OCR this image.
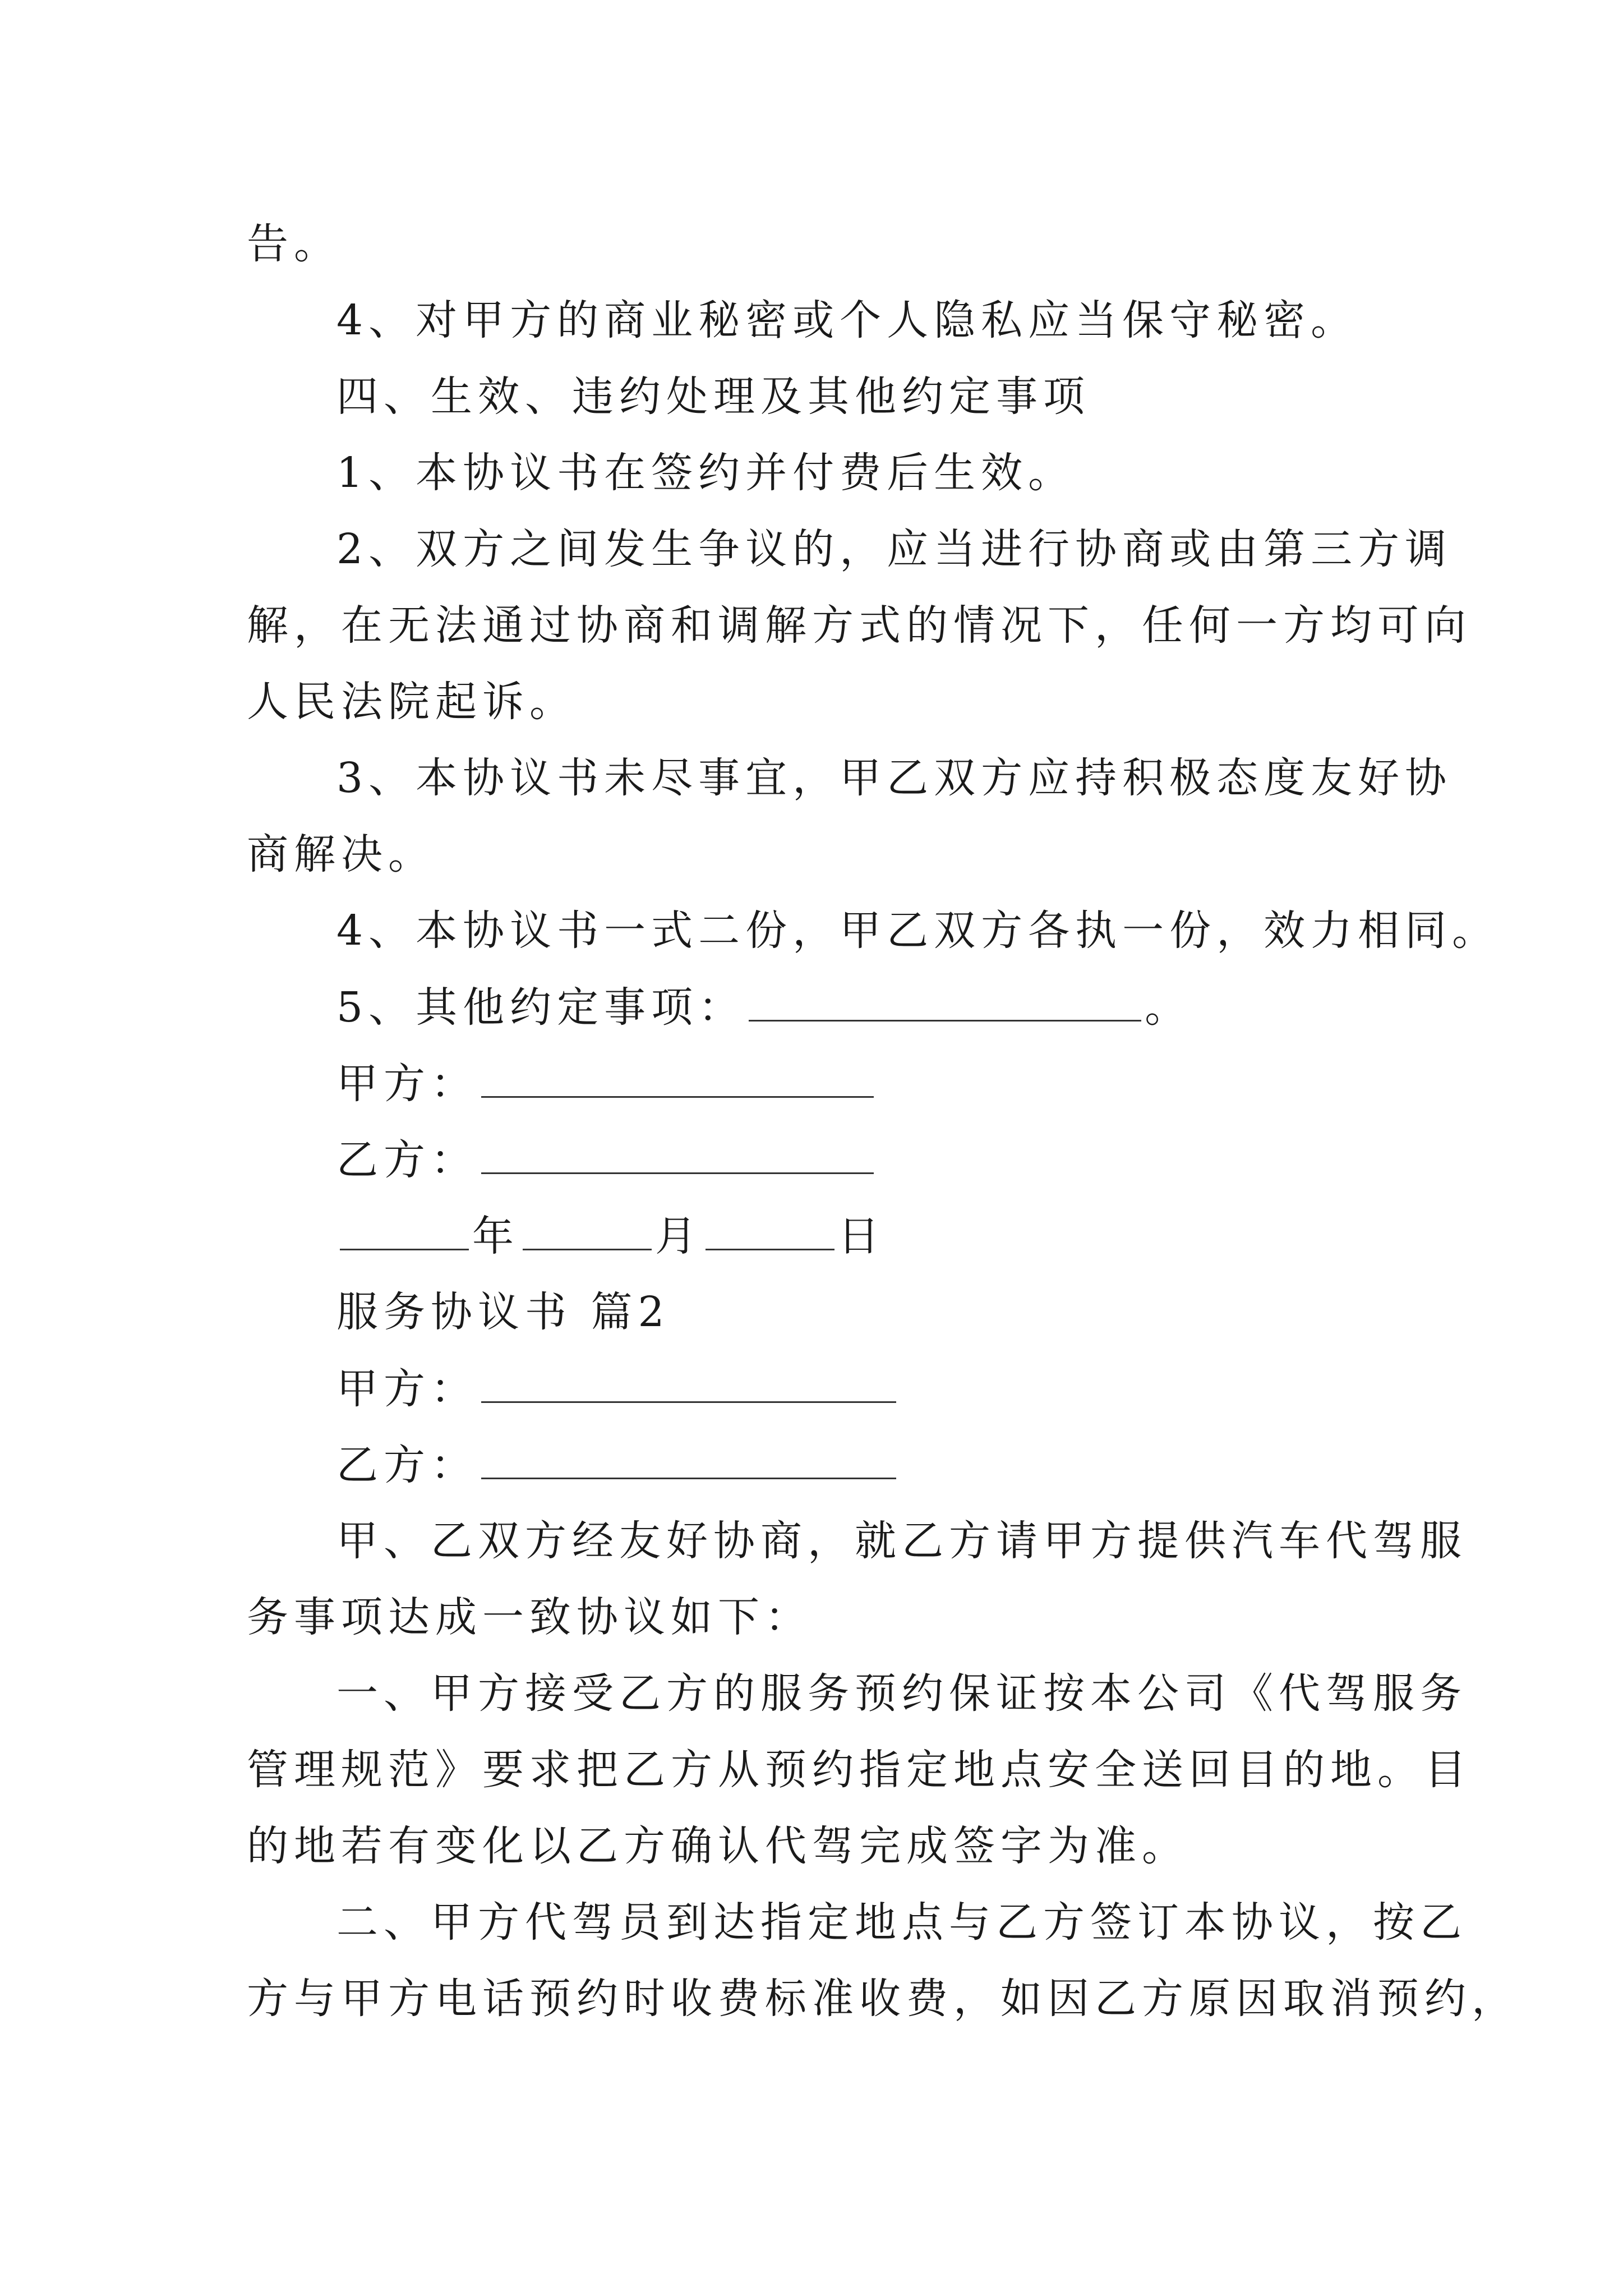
告。
4、对甲方的商业秘密或个人隐私应当保守秘密。
四、生效、违约处理及其他约定事项
1、本协议书在签约并付费后生效。
2、双方之间发生争议的，应当进行协商或由第三方调
解，在无法通过协商和调解方式的情况下，任何一方均可向
人民法院起诉。
3、本协议书未尽事宜，甲乙双方应持积极态度友好协
商解决。
4、本协议书一式二份，甲乙双方各执一份，效力相同。
5、其他约定事项：	。
甲方：
乙方：
年	月	日
服务协议书 篇2
甲方：
乙方：
甲、乙双方经友好协商，就乙方请甲方提供汽车代驾服
务事项达成一致协议如下：
一、甲方接受乙方的服务预约保证按本公司《代驾服务
管理规范》要求把乙方从预约指定地点安全送回目的地。目
的地若有变化以乙方确认代驾完成签字为准。
二、甲方代驾员到达指定地点与乙方签订本协议，按乙
方与甲方电话预约时收费标准收费，如因乙方原因取消预约，
